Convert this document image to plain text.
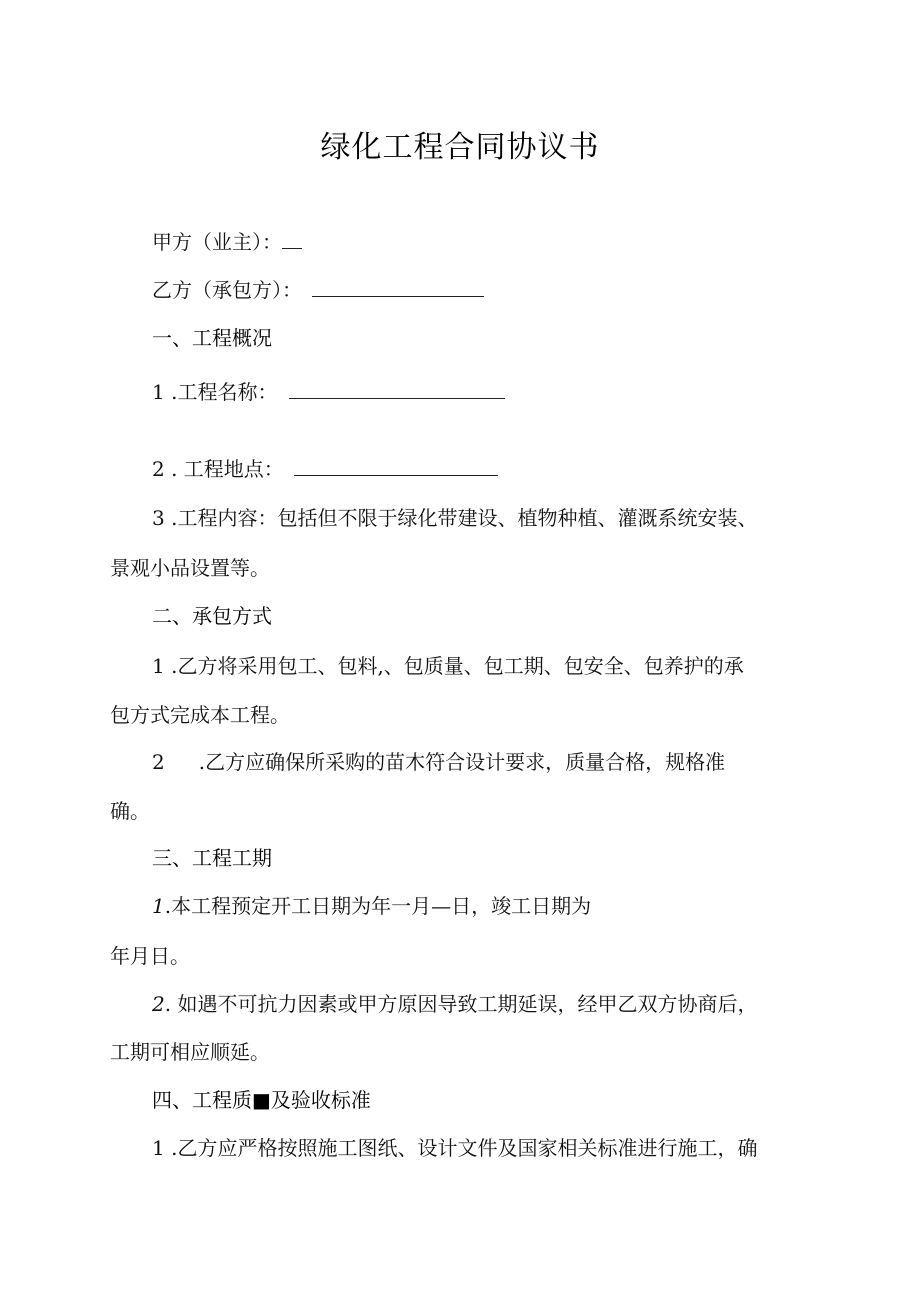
绿化工程合同协议书
甲方（业主）：
乙方（承包方）：
一、工程概况
1 .工程名称：
2 . 工程地点：
3 .工程内容：包括但不限于绿化带建设、植物种植、灌溉系统安装、
景观小品设置等。
二、承包方式
1 .乙方将采用包工、包料,、包质量、包工期、包安全、包养护的承
包方式完成本工程。
2 .乙方应确保所采购的苗木符合设计要求，质量合格，规格准
确。
三、工程工期
1.本工程预定开工日期为年一月—日，竣工日期为
年月日。
2. 如遇不可抗力因素或甲方原因导致工期延误，经甲乙双方协商后，
工期可相应顺延。
四、工程质■及验收标准
1 .乙方应严格按照施工图纸、设计文件及国家相关标准进行施工，确
